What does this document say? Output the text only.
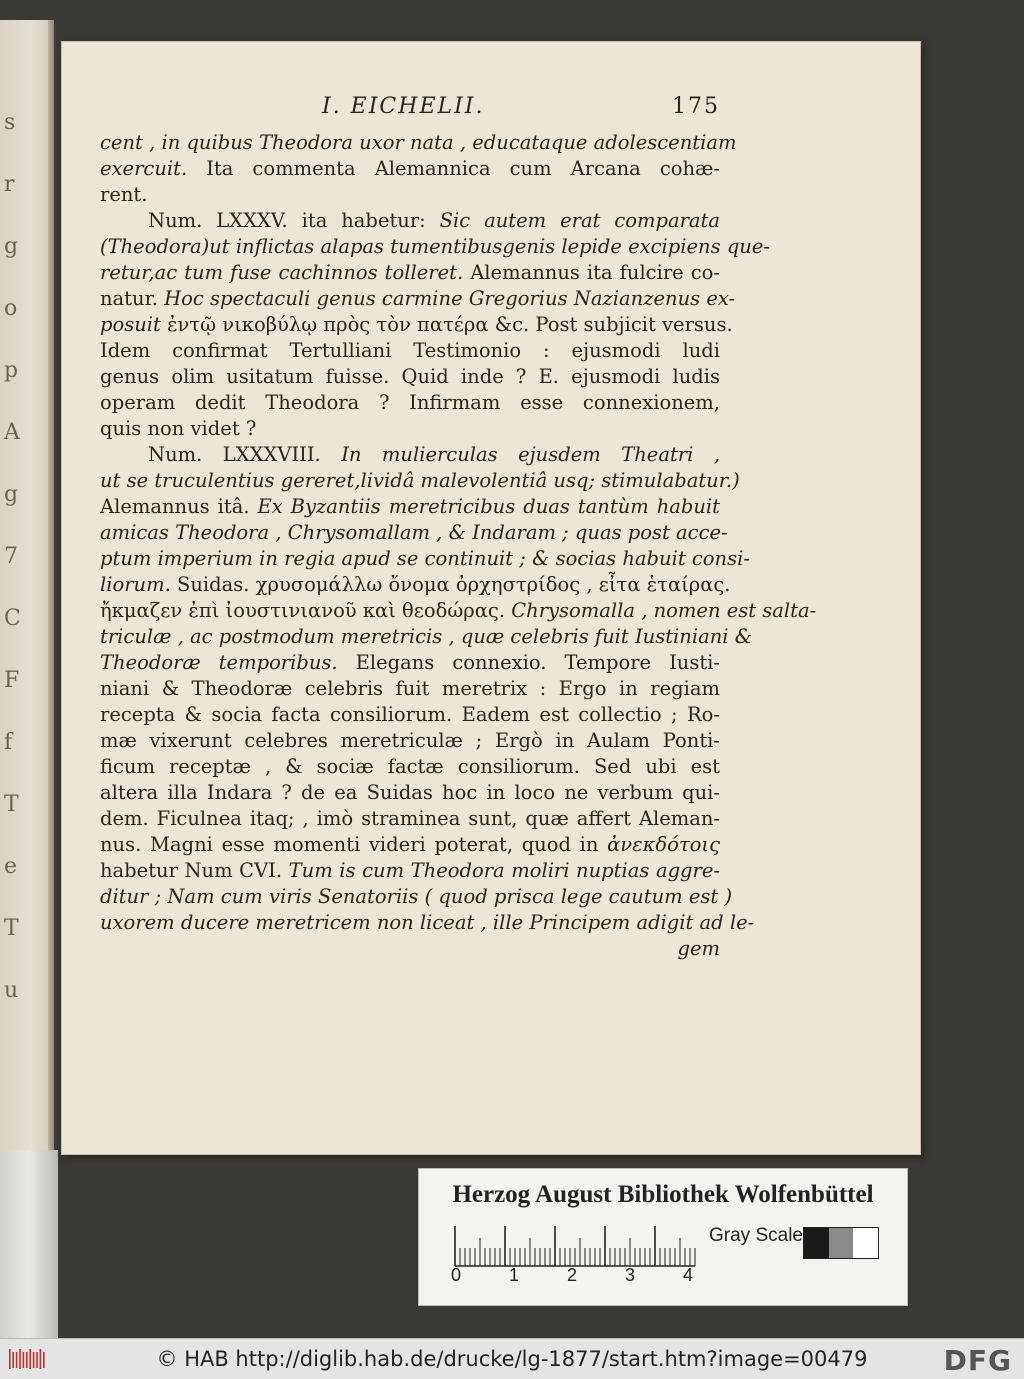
s
r
g
o
p
A
g
7
C
F
f
T
e
T
u
I. EICHELII.	175
cent , in quibus Theodora uxor nata , educataque adolescentiam
exercuit. Ita commenta Alemannica cum Arcana cohæ-
rent.
Num. LXXXV. ita habetur: Sic autem erat comparata
(Theodora)ut inflictas alapas tumentibusgenis lepide excipiens que-
retur,ac tum fuse cachinnos tolleret. Alemannus ita fulcire co-
natur. Hoc spectaculi genus carmine Gregorius Nazianzenus ex-
posuit ἐντῷ νικοβύλῳ πρὸς τὸν πατέρα &c. Post subjicit versus.
Idem confirmat Tertulliani Testimonio : ejusmodi ludi
genus olim usitatum fuisse. Quid inde ? E. ejusmodi ludis
operam dedit Theodora ? Infirmam esse connexionem,
quis non videt ?
Num. LXXXVIII. In mulierculas ejusdem Theatri ,
ut se truculentius gereret,lividâ malevolentiâ usq; stimulabatur.)
Alemannus itâ. Ex Byzantiis meretricibus duas tantùm habuit
amicas Theodora , Chrysomallam , & Indaram ; quas post acce-
ptum imperium in regia apud se continuit ; & socias habuit consi-
liorum. Suidas. χρυσομάλλω ὄνομα ὀρχηστρίδος , εἶτα ἑταίρας.
ἤκμαζεν ἐπὶ ἰουστινιανοῦ καὶ θεοδώρας. Chrysomalla , nomen est salta-
triculæ , ac postmodum meretricis , quæ celebris fuit Iustiniani &
Theodoræ temporibus. Elegans connexio. Tempore Iusti-
niani & Theodoræ celebris fuit meretrix : Ergo in regiam
recepta & socia facta consiliorum. Eadem est collectio ; Ro-
mæ vixerunt celebres meretriculæ ; Ergò in Aulam Ponti-
ficum receptæ , & sociæ factæ consiliorum. Sed ubi est
altera illa Indara ? de ea Suidas hoc in loco ne verbum qui-
dem. Ficulnea itaq; , imò straminea sunt, quæ affert Aleman-
nus. Magni esse momenti videri poterat, quod in ἀνεκδότοις
habetur Num CVI. Tum is cum Theodora moliri nuptias aggre-
ditur ; Nam cum viris Senatoriis ( quod prisca lege cautum est )
uxorem ducere meretricem non liceat , ille Principem adigit ad le-
gem
Herzog August Bibliothek Wolfenbüttel
0	1	2	3	4
Gray Scale
© HAB http://diglib.hab.de/drucke/lg-1877/start.htm?image=00479	DFG
